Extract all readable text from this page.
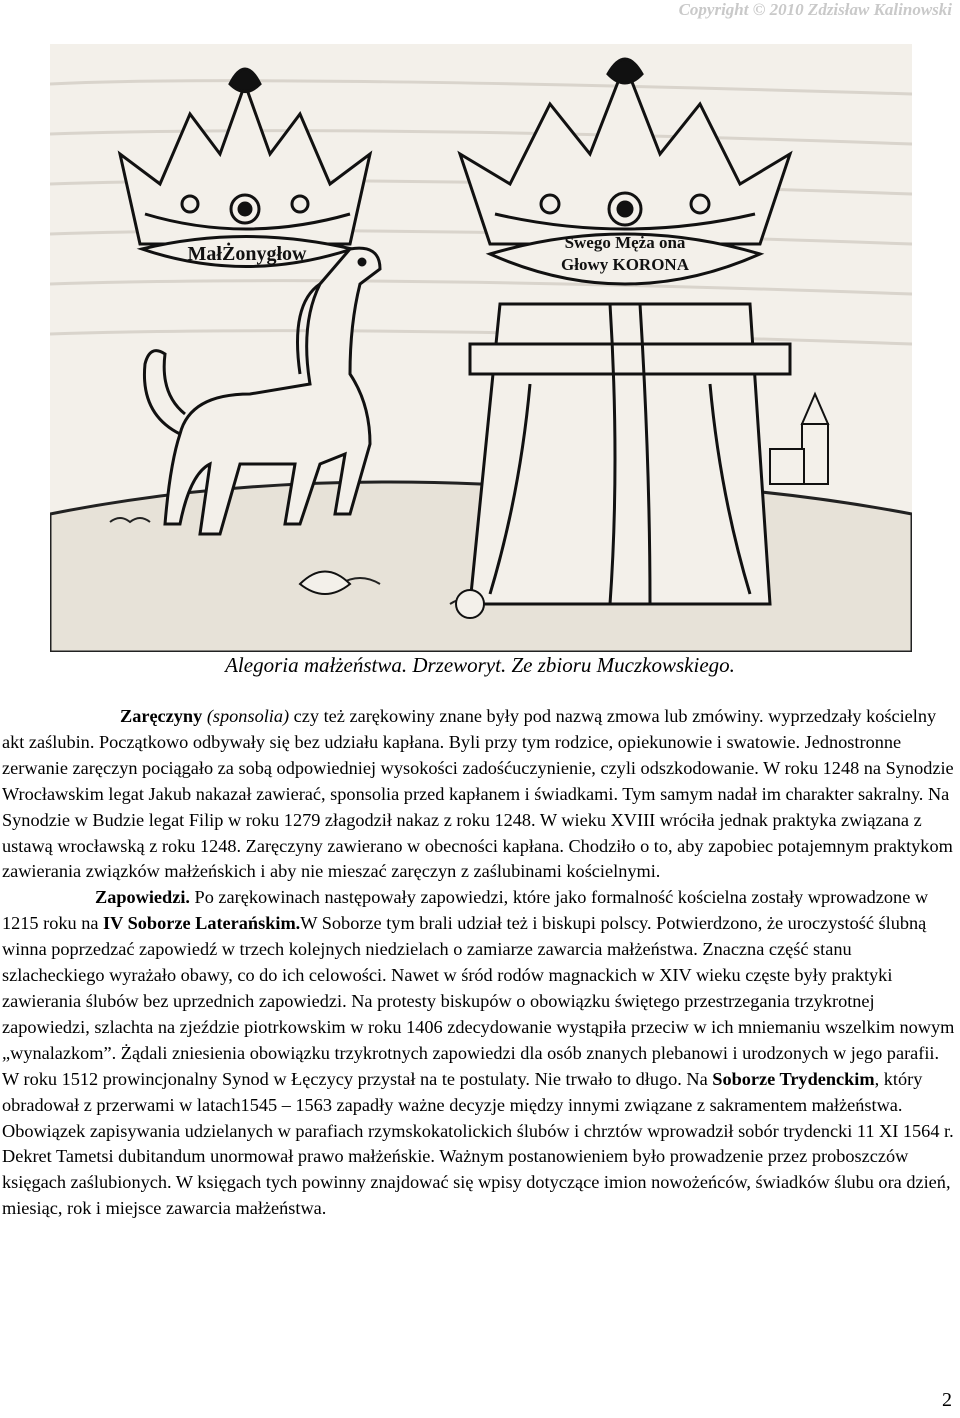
Copyright © 2010 Zdzisław Kalinowski
MałŻonygłow
Swego Męża ona
Głowy KORONA
Alegoria małżeństwa. Drzeworyt. Ze zbioru Muczkowskiego.

Zaręczyny (sponsolia) czy też zarękowiny znane były pod nazwą zmowa lub zmówiny. wyprzedzały kościelny akt zaślubin. Początkowo odbywały się bez udziału kapłana. Byli przy tym rodzice, opiekunowie i swatowie. Jednostronne zerwanie zaręczyn pociągało za sobą odpowiedniej wysokości zadośćuczynienie, czyli odszkodowanie. W roku 1248 na Synodzie Wrocławskim legat Jakub nakazał zawierać, sponsolia przed kapłanem i świadkami. Tym samym nadał im charakter sakralny. Na Synodzie w Budzie legat Filip w roku 1279 złagodził nakaz z roku 1248. W wieku XVIII wróciła jednak praktyka związana z ustawą wrocławską z roku 1248. Zaręczyny zawierano w obecności kapłana. Chodziło o to, aby zapobiec potajemnym praktykom zawierania związków małżeńskich i aby nie mieszać zaręczyn z zaślubinami kościelnymi.

Zapowiedzi. Po zarękowinach następowały zapowiedzi, które jako formalność kościelna zostały wprowadzone w 1215 roku na IV Soborze Laterańskim.W Soborze tym brali udział też i biskupi polscy. Potwierdzono, że uroczystość ślubną winna poprzedzać zapowiedź w trzech kolejnych niedzielach o zamiarze zawarcia małżeństwa. Znaczna część stanu szlacheckiego wyrażało obawy, co do ich celowości. Nawet w śród rodów magnackich w XIV wieku częste były praktyki zawierania ślubów bez uprzednich zapowiedzi. Na protesty biskupów o obowiązku świętego przestrzegania trzykrotnej zapowiedzi, szlachta na zjeździe piotrkowskim w roku 1406 zdecydowanie wystąpiła przeciw w ich mniemaniu wszelkim nowym „wynalazkom”. Żądali zniesienia obowiązku trzykrotnych zapowiedzi dla osób znanych plebanowi i urodzonych w jego parafii. W roku 1512 prowincjonalny Synod w Łęczycy przystał na te postulaty. Nie trwało to długo. Na Soborze Trydenckim, który obradował z przerwami w latach1545 – 1563 zapadły ważne decyzje między innymi związane z sakramentem małżeństwa. Obowiązek zapisywania udzielanych w parafiach rzymskokatolickich ślubów i chrztów wprowadził sobór trydencki 11 XI 1564 r. Dekret Tametsi dubitandum unormował prawo małżeńskie. Ważnym postanowieniem było prowadzenie przez proboszczów księgach zaślubionych. W księgach tych powinny znajdować się wpisy dotyczące imion nowożeńców, świadków ślubu ora dzień, miesiąc, rok i miejsce zawarcia małżeństwa.

2
